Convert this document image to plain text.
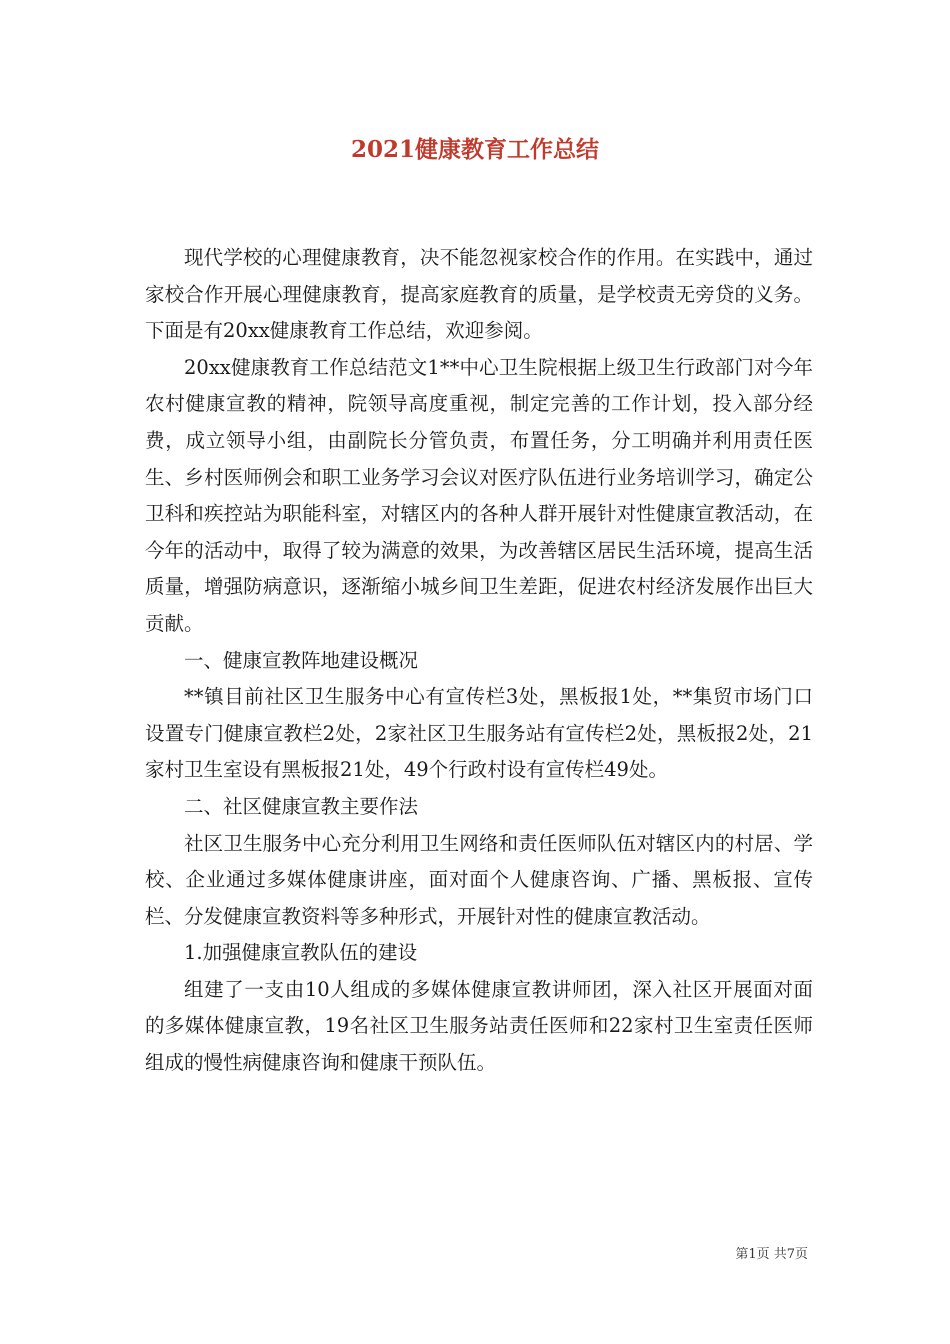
2021健康教育工作总结

现代学校的心理健康教育，决不能忽视家校合作的作用。在实践中，通过家校合作开展心理健康教育，提高家庭教育的质量，是学校责无旁贷的义务。下面是有20xx健康教育工作总结，欢迎参阅。

20xx健康教育工作总结范文1**中心卫生院根据上级卫生行政部门对今年农村健康宣教的精神，院领导高度重视，制定完善的工作计划，投入部分经费，成立领导小组，由副院长分管负责，布置任务，分工明确并利用责任医生、乡村医师例会和职工业务学习会议对医疗队伍进行业务培训学习，确定公卫科和疾控站为职能科室，对辖区内的各种人群开展针对性健康宣教活动，在今年的活动中，取得了较为满意的效果，为改善辖区居民生活环境，提高生活质量，增强防病意识，逐渐缩小城乡间卫生差距，促进农村经济发展作出巨大贡献。

一、健康宣教阵地建设概况

**镇目前社区卫生服务中心有宣传栏3处，黑板报1处，**集贸市场门口设置专门健康宣教栏2处，2家社区卫生服务站有宣传栏2处，黑板报2处，21家村卫生室设有黑板报21处，49个行政村设有宣传栏49处。

二、社区健康宣教主要作法

社区卫生服务中心充分利用卫生网络和责任医师队伍对辖区内的村居、学校、企业通过多媒体健康讲座，面对面个人健康咨询、广播、黑板报、宣传栏、分发健康宣教资料等多种形式，开展针对性的健康宣教活动。

1.加强健康宣教队伍的建设

组建了一支由10人组成的多媒体健康宣教讲师团，深入社区开展面对面的多媒体健康宣教，19名社区卫生服务站责任医师和22家村卫生室责任医师组成的慢性病健康咨询和健康干预队伍。

第1页 共7页
